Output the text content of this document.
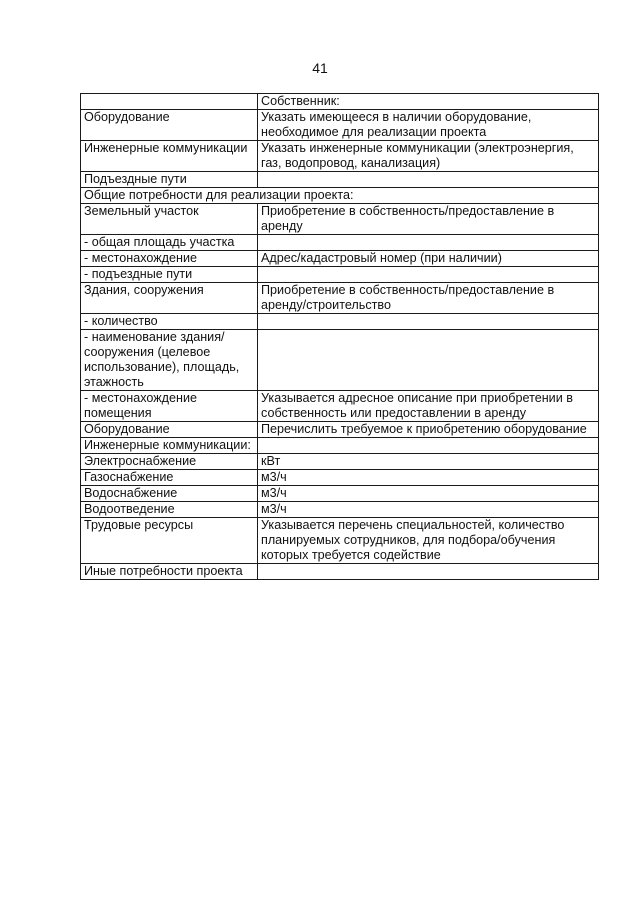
41
	Собственник:
Оборудование	Указать имеющееся в наличии оборудование, необходимое для реализации проекта
Инженерные коммуникации	Указать инженерные коммуникации (электроэнергия, газ, водопровод, канализация)
Подъездные пути	
Общие потребности для реализации проекта:	
Земельный участок	Приобретение в собственность/предоставление в аренду
- общая площадь участка	
- местонахождение	Адрес/кадастровый номер (при наличии)
- подъездные пути	
Здания, сооружения	Приобретение в собственность/предоставление в аренду/строительство
- количество	
- наименование здания/сооружения (целевое использование), площадь, этажность	
- местонахождение помещения	Указывается адресное описание при приобретении в собственность или предоставлении в аренду
Оборудование	Перечислить требуемое к приобретению оборудование
Инженерные коммуникации:	
Электроснабжение	кВт
Газоснабжение	м3/ч
Водоснабжение	м3/ч
Водоотведение	м3/ч
Трудовые ресурсы	Указывается перечень специальностей, количество планируемых сотрудников, для подбора/обучения которых требуется содействие
Иные потребности проекта	
